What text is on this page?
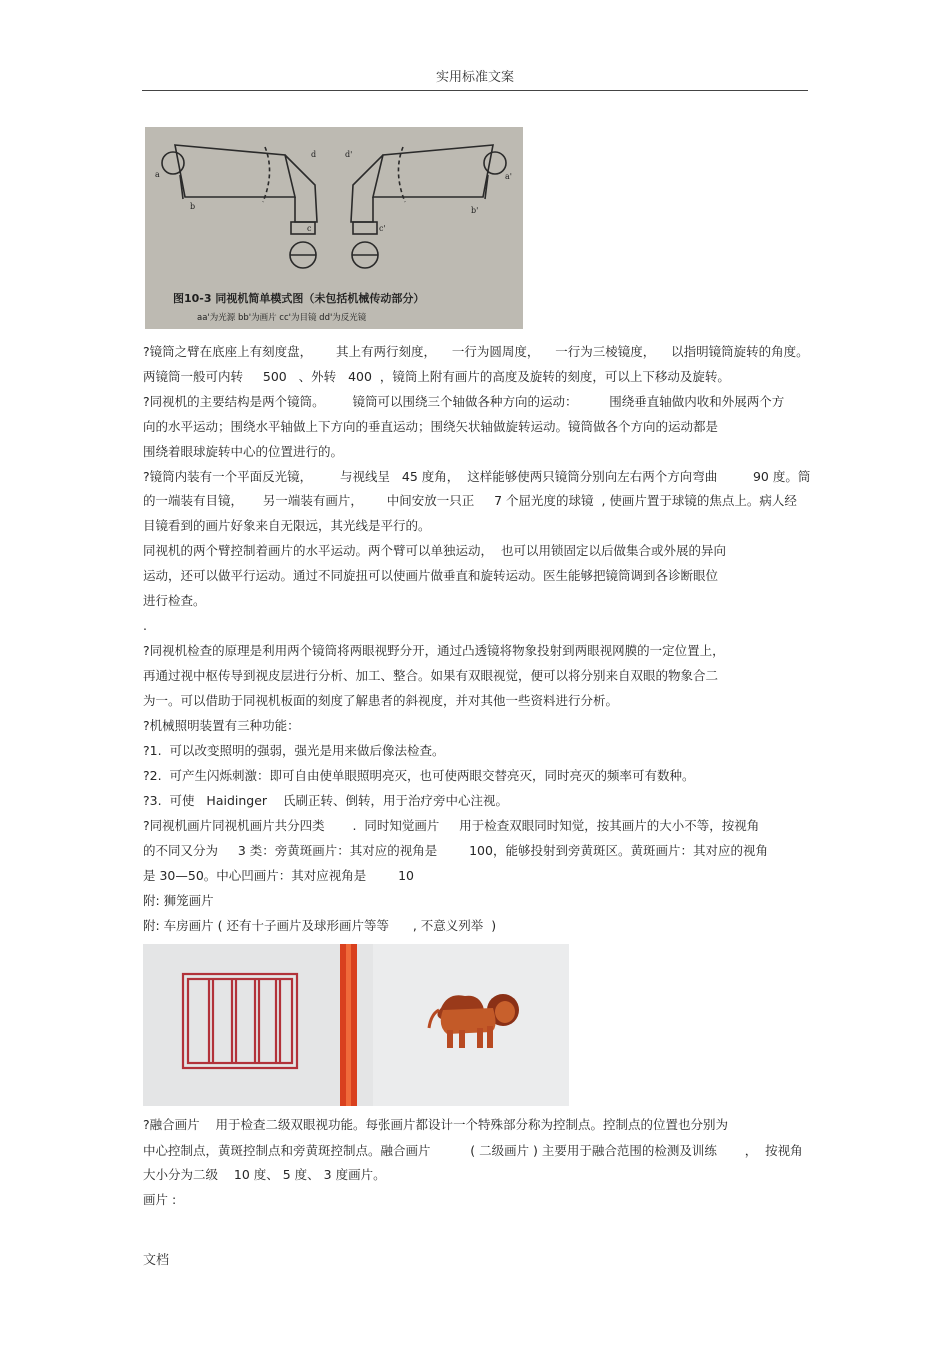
实用标准文案
a
b
c
d	d'
c'
b'
a'
图10-3 同视机简单模式图（未包括机械传动部分）
aa'为光源 bb'为画片 cc'为目镜 dd'为反光镜
?镜筒之臂在底座上有刻度盘，      其上有两行刻度，    一行为圆周度，    一行为三棱镜度，    以指明镜筒旋转的角度。
两镜筒一般可内转     500   、外转   400  ，镜筒上附有画片的高度及旋转的刻度，可以上下移动及旋转。
?同视机的主要结构是两个镜筒。       镜筒可以围绕三个轴做各种方向的运动：        围绕垂直轴做内收和外展两个方
向的水平运动；围绕水平轴做上下方向的垂直运动；围绕矢状轴做旋转运动。镜筒做各个方向的运动都是
围绕着眼球旋转中心的位置进行的。
?镜筒内装有一个平面反光镜，       与视线呈   45 度角，  这样能够使两只镜筒分别向左右两个方向弯曲         90 度。筒
的一端装有目镜，     另一端装有画片，      中间安放一只正     7 个屈光度的球镜  , 使画片置于球镜的焦点上。病人经
目镜看到的画片好象来自无限远，其光线是平行的。
同视机的两个臂控制着画片的水平运动。两个臂可以单独运动，  也可以用锁固定以后做集合或外展的异向
运动，还可以做平行运动。通过不同旋扭可以使画片做垂直和旋转运动。医生能够把镜筒调到各诊断眼位
进行检查。
.
?同视机检查的原理是利用两个镜筒将两眼视野分开，通过凸透镜将物象投射到两眼视网膜的一定位置上，
再通过视中枢传导到视皮层进行分析、加工、整合。如果有双眼视觉，便可以将分别来自双眼的物象合二
为一。可以借助于同视机板面的刻度了解患者的斜视度，并对其他一些资料进行分析。
?机械照明装置有三种功能：
?1.  可以改变照明的强弱，强光是用来做后像法检查。
?2.  可产生闪烁刺激：即可自由使单眼照明亮灭，也可使两眼交替亮灭，同时亮灭的频率可有数种。
?3.  可使   Haidinger    氏刷正转、倒转，用于治疗旁中心注视。
?同视机画片同视机画片共分四类       .  同时知觉画片     用于检查双眼同时知觉，按其画片的大小不等，按视角
的不同又分为     3 类：旁黄斑画片：其对应的视角是        100，能够投射到旁黄斑区。黄斑画片：其对应的视角
是 30—50。中心凹画片：其对应视角是        10
附: 狮笼画片
附: 车房画片 ( 还有十子画片及球形画片等等      , 不意义列举  )
?融合画片    用于检查二级双眼视功能。每张画片都设计一个特殊部分称为控制点。控制点的位置也分别为
中心控制点，黄斑控制点和旁黄斑控制点。融合画片          ( 二级画片 ) 主要用于融合范围的检测及训练       ，  按视角
大小分为二级    10 度、 5 度、 3 度画片。
画片 :
文档
